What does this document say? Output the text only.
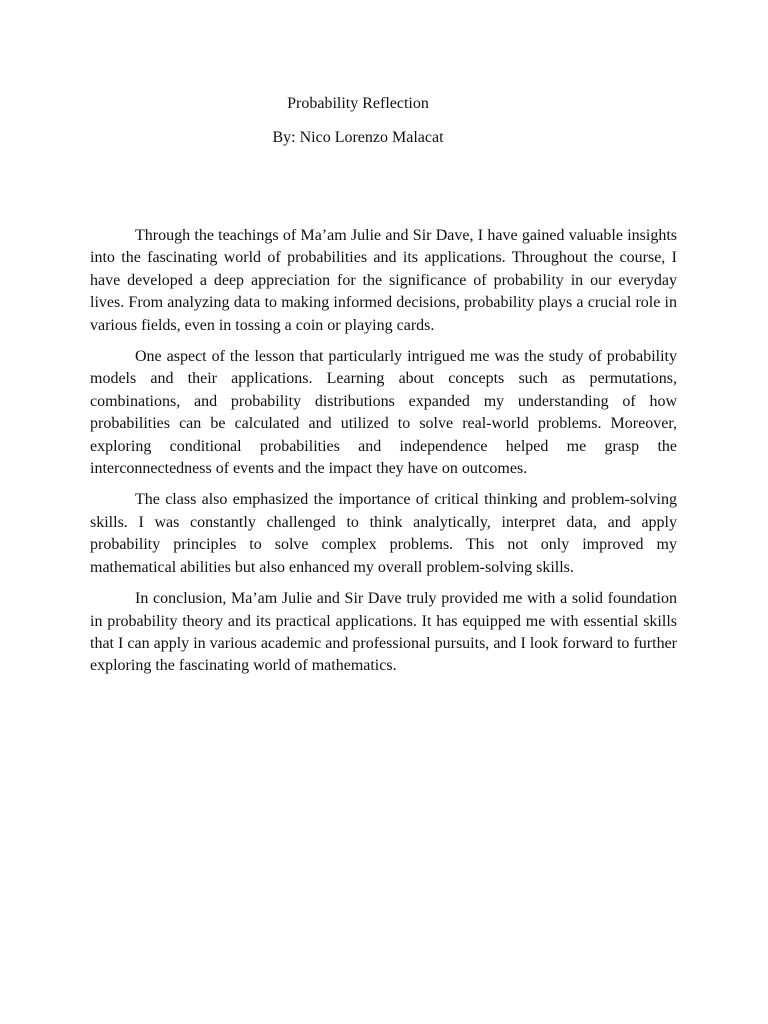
Probability Reflection

By: Nico Lorenzo Malacat

Through the teachings of Ma’am Julie and Sir Dave, I have gained valuable insights into the fascinating world of probabilities and its applications. Throughout the course, I have developed a deep appreciation for the significance of probability in our everyday lives. From analyzing data to making informed decisions, probability plays a crucial role in various fields, even in tossing a coin or playing cards.

One aspect of the lesson that particularly intrigued me was the study of probability models and their applications. Learning about concepts such as permutations, combinations, and probability distributions expanded my understanding of how probabilities can be calculated and utilized to solve real-world problems. Moreover, exploring conditional probabilities and independence helped me grasp the interconnectedness of events and the impact they have on outcomes.

The class also emphasized the importance of critical thinking and problem-solving skills. I was constantly challenged to think analytically, interpret data, and apply probability principles to solve complex problems. This not only improved my mathematical abilities but also enhanced my overall problem-solving skills.

In conclusion, Ma’am Julie and Sir Dave truly provided me with a solid foundation in probability theory and its practical applications. It has equipped me with essential skills that I can apply in various academic and professional pursuits, and I look forward to further exploring the fascinating world of mathematics.
